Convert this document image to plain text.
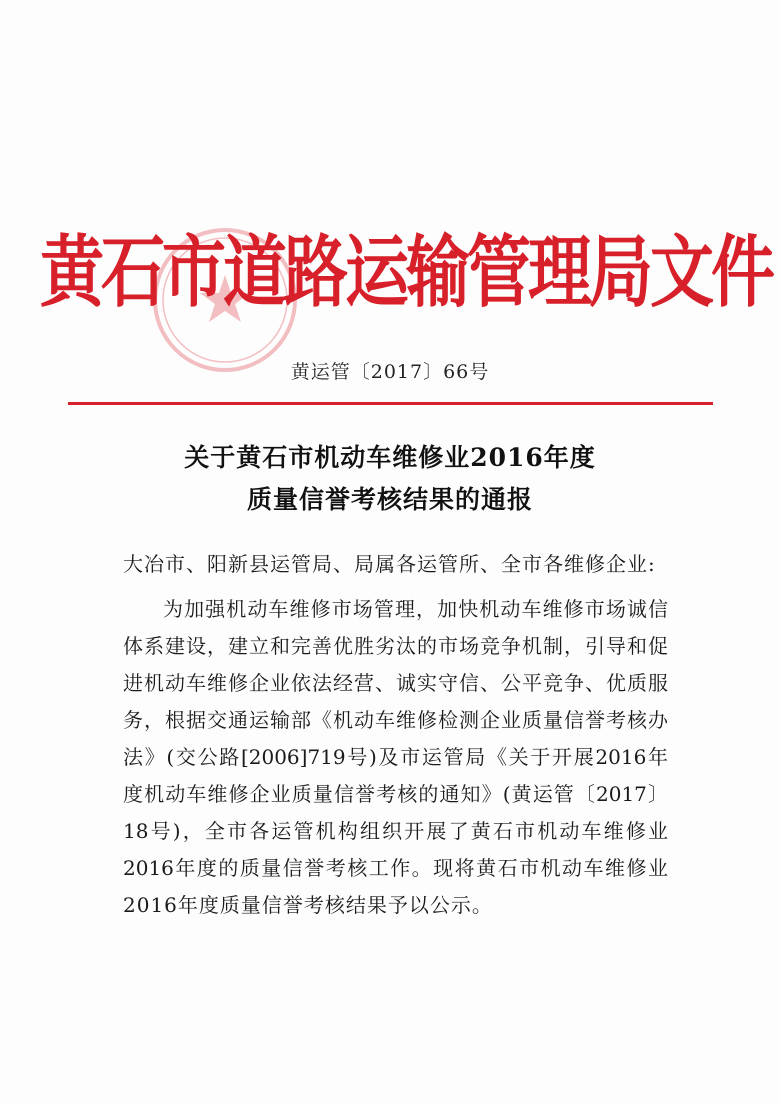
黄石市道路运输管理局文件
黄运管〔2017〕66号
关于黄石市机动车维修业2016年度
质量信誉考核结果的通报
大冶市、阳新县运管局、局属各运管所、全市各维修企业:
为加强机动车维修市场管理，加快机动车维修市场诚信
体系建设，建立和完善优胜劣汰的市场竞争机制，引导和促
进机动车维修企业依法经营、诚实守信、公平竞争、优质服
务，根据交通运输部《机动车维修检测企业质量信誉考核办
法》(交公路[2006]719号)及市运管局《关于开展2016年
度机动车维修企业质量信誉考核的通知》(黄运管〔2017〕
18号)，全市各运管机构组织开展了黄石市机动车维修业
2016年度的质量信誉考核工作。现将黄石市机动车维修业
2016年度质量信誉考核结果予以公示。
